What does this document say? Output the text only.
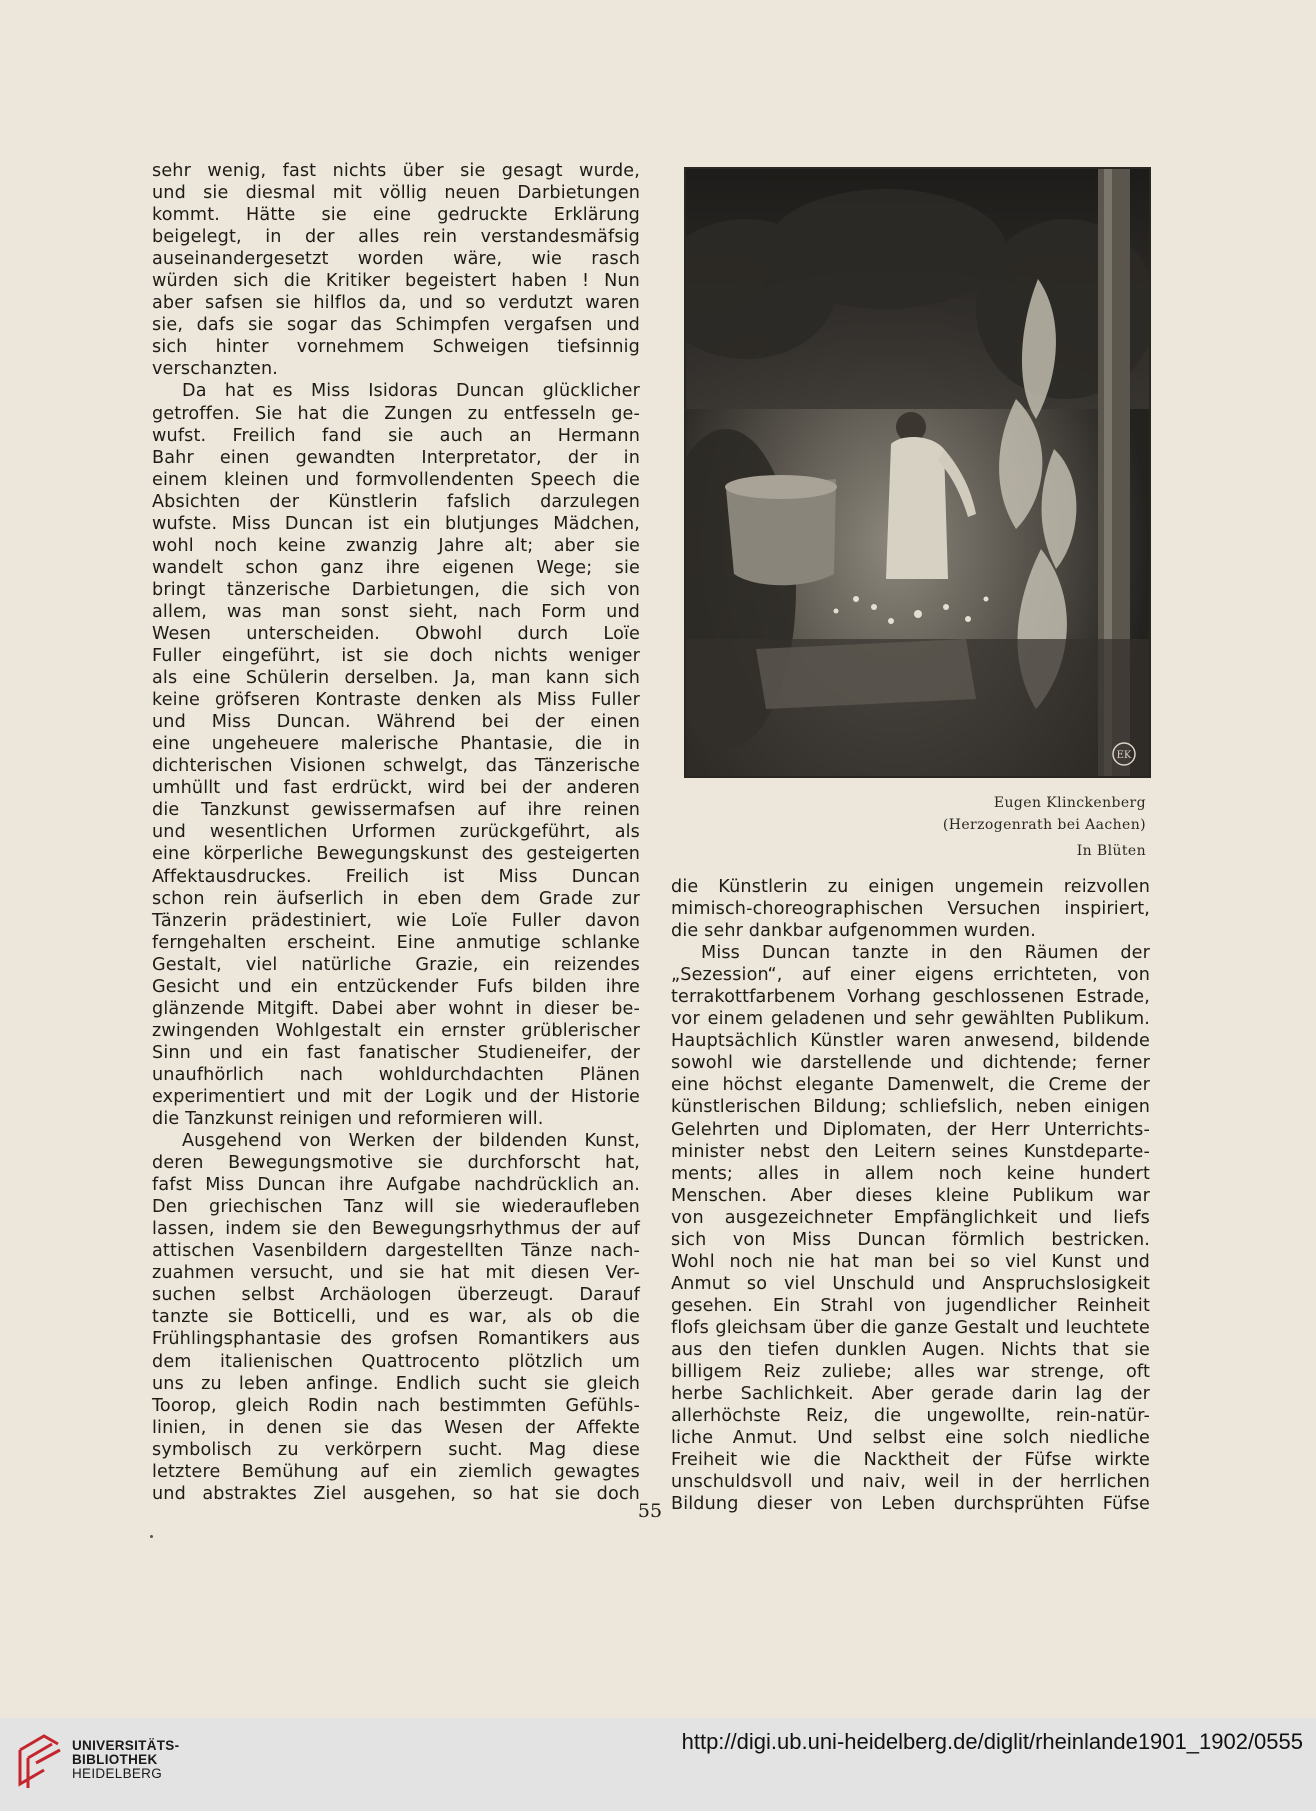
sehr wenig, fast nichts über sie gesagt wurde,
und sie diesmal mit völlig neuen Darbietungen
kommt. Hätte sie eine gedruckte Erklärung
beigelegt, in der alles rein verstandesmäfsig
auseinandergesetzt worden wäre, wie rasch
würden sich die Kritiker begeistert haben ! Nun
aber safsen sie hilflos da, und so verdutzt waren
sie, dafs sie sogar das Schimpfen vergafsen und
sich hinter vornehmem Schweigen tiefsinnig
verschanzten.
Da hat es Miss Isidoras Duncan glücklicher
getroffen. Sie hat die Zungen zu entfesseln ge-
wufst. Freilich fand sie auch an Hermann
Bahr einen gewandten Interpretator, der in
einem kleinen und formvollendenten Speech die
Absichten der Künstlerin fafslich darzulegen
wufste. Miss Duncan ist ein blutjunges Mädchen,
wohl noch keine zwanzig Jahre alt; aber sie
wandelt schon ganz ihre eigenen Wege; sie
bringt tänzerische Darbietungen, die sich von
allem, was man sonst sieht, nach Form und
Wesen unterscheiden. Obwohl durch Loïe
Fuller eingeführt, ist sie doch nichts weniger
als eine Schülerin derselben. Ja, man kann sich
keine gröfseren Kontraste denken als Miss Fuller
und Miss Duncan. Während bei der einen
eine ungeheuere malerische Phantasie, die in
dichterischen Visionen schwelgt, das Tänzerische
umhüllt und fast erdrückt, wird bei der anderen
die Tanzkunst gewissermafsen auf ihre reinen
und wesentlichen Urformen zurückgeführt, als
eine körperliche Bewegungskunst des gesteigerten
Affektausdruckes. Freilich ist Miss Duncan
schon rein äufserlich in eben dem Grade zur
Tänzerin prädestiniert, wie Loïe Fuller davon
ferngehalten erscheint. Eine anmutige schlanke
Gestalt, viel natürliche Grazie, ein reizendes
Gesicht und ein entzückender Fufs bilden ihre
glänzende Mitgift. Dabei aber wohnt in dieser be-
zwingenden Wohlgestalt ein ernster grüblerischer
Sinn und ein fast fanatischer Studieneifer, der
unaufhörlich nach wohldurchdachten Plänen
experimentiert und mit der Logik und der Historie
die Tanzkunst reinigen und reformieren will.
Ausgehend von Werken der bildenden Kunst,
deren Bewegungsmotive sie durchforscht hat,
fafst Miss Duncan ihre Aufgabe nachdrücklich an.
Den griechischen Tanz will sie wiederaufleben
lassen, indem sie den Bewegungsrhythmus der auf
attischen Vasenbildern dargestellten Tänze nach-
zuahmen versucht, und sie hat mit diesen Ver-
suchen selbst Archäologen überzeugt. Darauf
tanzte sie Botticelli, und es war, als ob die
Frühlingsphantasie des grofsen Romantikers aus
dem italienischen Quattrocento plötzlich um
uns zu leben anfinge. Endlich sucht sie gleich
Toorop, gleich Rodin nach bestimmten Gefühls-
linien, in denen sie das Wesen der Affekte
symbolisch zu verkörpern sucht. Mag diese
letztere Bemühung auf ein ziemlich gewagtes
und abstraktes Ziel ausgehen, so hat sie doch
EK
Eugen Klinckenberg
(Herzogenrath bei Aachen)
In Blüten
die Künstlerin zu einigen ungemein reizvollen
mimisch-choreographischen Versuchen inspiriert,
die sehr dankbar aufgenommen wurden.
Miss Duncan tanzte in den Räumen der
„Sezession“, auf einer eigens errichteten, von
terrakottfarbenem Vorhang geschlossenen Estrade,
vor einem geladenen und sehr gewählten Publikum.
Hauptsächlich Künstler waren anwesend, bildende
sowohl wie darstellende und dichtende; ferner
eine höchst elegante Damenwelt, die Creme der
künstlerischen Bildung; schliefslich, neben einigen
Gelehrten und Diplomaten, der Herr Unterrichts-
minister nebst den Leitern seines Kunstdeparte-
ments; alles in allem noch keine hundert
Menschen. Aber dieses kleine Publikum war
von ausgezeichneter Empfänglichkeit und liefs
sich von Miss Duncan förmlich bestricken.
Wohl noch nie hat man bei so viel Kunst und
Anmut so viel Unschuld und Anspruchslosigkeit
gesehen. Ein Strahl von jugendlicher Reinheit
flofs gleichsam über die ganze Gestalt und leuchtete
aus den tiefen dunklen Augen. Nichts that sie
billigem Reiz zuliebe; alles war strenge, oft
herbe Sachlichkeit. Aber gerade darin lag der
allerhöchste Reiz, die ungewollte, rein-natür-
liche Anmut. Und selbst eine solch niedliche
Freiheit wie die Nacktheit der Füfse wirkte
unschuldsvoll und naiv, weil in der herrlichen
Bildung dieser von Leben durchsprühten Füfse
55
UNIVERSITÄTS-
BIBLIOTHEK
HEIDELBERG
http://digi.ub.uni-heidelberg.de/diglit/rheinlande1901_1902/0555
